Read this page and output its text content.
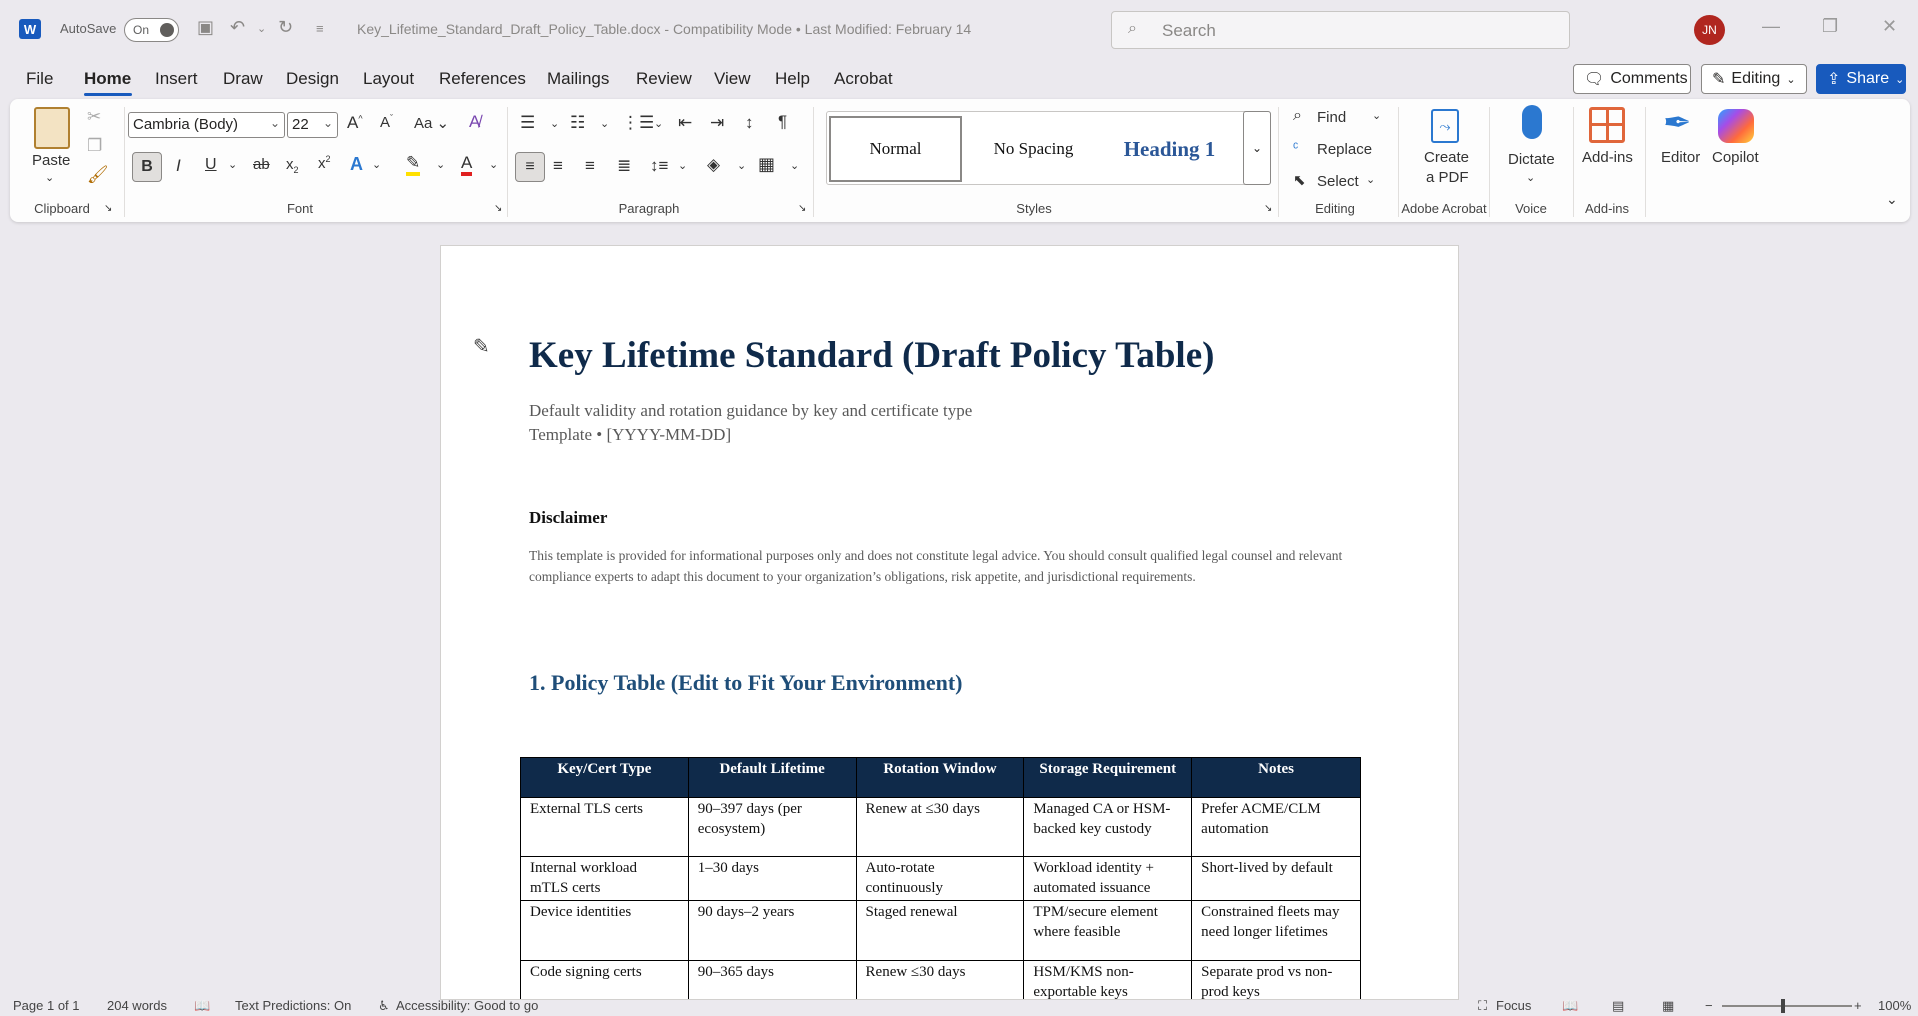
W	AutoSave On	▣ ↶ ⌄ ↻ ≡ Key_Lifetime_Standard_Draft_Policy_Table.docx - Compatibility Mode • Last Modified: February 14	⌕ Search	JN	— ❐ ✕
File Home Insert Draw Design Layout References Mailings Review View Help Acrobat	🗨 Comments ✎ Editing ⌄ ⇪ Share ⌄
Paste
⌄
✂
❐
🖌
Clipboard ↘
Cambria (Body)	⌄ 22 ⌄ A^ $A^ˇ$ Aa ⌄ A̸
B	I U ⌄ ab $x_2$ $x^2$ A ⌄ ✎ ⌄ A ⌄
Font	↘
☰ ⌄ ☷ ⌄ ⋮☰ ⌄ ⇤ ⇥ ↕ ¶
≡	≡ ≡ ≣ ↕≡ ⌄ ◈ ⌄ ▦ ⌄
Paragraph	↘
Normal	No Spacing	Heading 1	⌄
Styles	↘
⌕ Find ⌄
ᶜ Replace
⬉ Select ⌄
Editing
⤳
Create
a PDF
Adobe Acrobat
Dictate
⌄
Voice
Add-ins
Add-ins
✒
Editor Copilot
⌄
✎ Key Lifetime Standard (Draft Policy Table)
Default validity and rotation guidance by key and certificate type
Template • [YYYY-MM-DD]
Disclaimer
This template is provided for informational purposes only and does not constitute legal advice. You should consult qualified legal counsel and relevant compliance experts to adapt this document to your organization’s obligations, risk appetite, and jurisdictional requirements.
1. Policy Table (Edit to Fit Your Environment)
Key/Cert Type	Default Lifetime	Rotation Window	Storage Requirement	Notes
External TLS certs	90–397 days (per ecosystem)	Renew at ≤30 days	Managed CA or HSM-backed key custody	Prefer ACME/CLM automation
Internal workload mTLS certs	1–30 days	Auto-rotate continuously	Workload identity + automated issuance	Short-lived by default
Device identities	90 days–2 years	Staged renewal	TPM/secure element where feasible	Constrained fleets may need longer lifetimes
Code signing certs	90–365 days	Renew ≤30 days	HSM/KMS non-exportable keys	Separate prod vs non-prod keys
Page 1 of 1 204 words 📖 Text Predictions: On ♿ Accessibility: Good to go	⛶ Focus 📖	▤	▦ −	+ 100%
